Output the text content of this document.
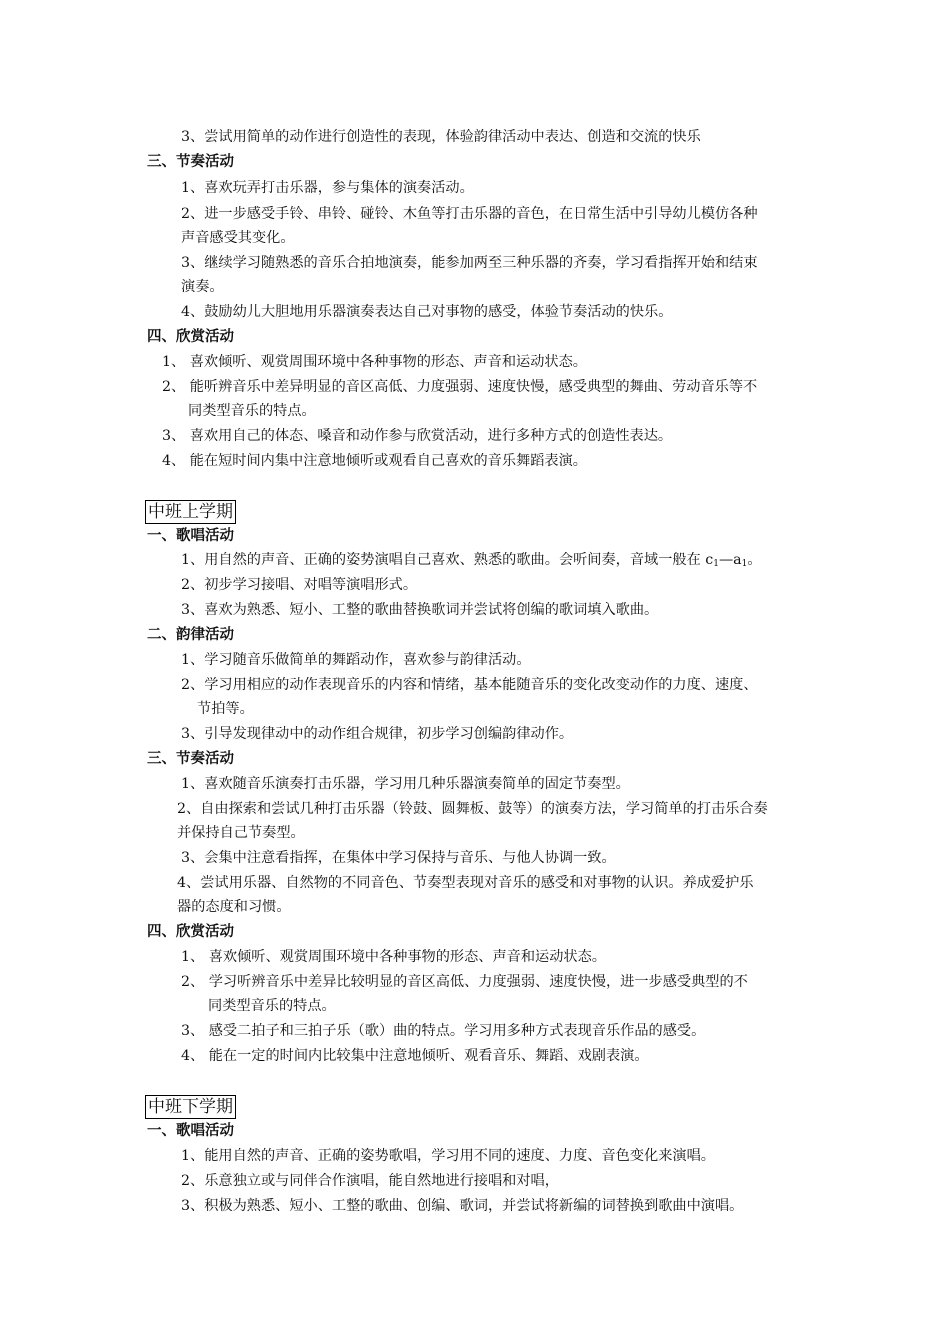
3、尝试用简单的动作进行创造性的表现，体验韵律活动中表达、创造和交流的快乐
三、节奏活动
1、喜欢玩弄打击乐器，参与集体的演奏活动。
2、进一步感受手铃、串铃、碰铃、木鱼等打击乐器的音色，在日常生活中引导幼儿模仿各种
声音感受其变化。
3、继续学习随熟悉的音乐合拍地演奏，能参加两至三种乐器的齐奏，学习看指挥开始和结束
演奏。
4、鼓励幼儿大胆地用乐器演奏表达自己对事物的感受，体验节奏活动的快乐。
四、欣赏活动
1、 喜欢倾听、观赏周围环境中各种事物的形态、声音和运动状态。
2、 能听辨音乐中差异明显的音区高低、力度强弱、速度快慢，感受典型的舞曲、劳动音乐等不
同类型音乐的特点。
3、 喜欢用自己的体态、嗓音和动作参与欣赏活动，进行多种方式的创造性表达。
4、 能在短时间内集中注意地倾听或观看自己喜欢的音乐舞蹈表演。
中班上学期
一、歌唱活动
1、用自然的声音、正确的姿势演唱自己喜欢、熟悉的歌曲。会听间奏，音域一般在 $c_1—a_1$。
2、初步学习接唱、对唱等演唱形式。
3、喜欢为熟悉、短小、工整的歌曲替换歌词并尝试将创编的歌词填入歌曲。
二、韵律活动
1、学习随音乐做简单的舞蹈动作，喜欢参与韵律活动。
2、学习用相应的动作表现音乐的内容和情绪，基本能随音乐的变化改变动作的力度、速度、
节拍等。
3、引导发现律动中的动作组合规律，初步学习创编韵律动作。
三、节奏活动
1、喜欢随音乐演奏打击乐器，学习用几种乐器演奏简单的固定节奏型。
2、自由探索和尝试几种打击乐器（铃鼓、圆舞板、鼓等）的演奏方法，学习简单的打击乐合奏
并保持自己节奏型。
3、会集中注意看指挥，在集体中学习保持与音乐、与他人协调一致。
4、尝试用乐器、自然物的不同音色、节奏型表现对音乐的感受和对事物的认识。养成爱护乐
器的态度和习惯。
四、欣赏活动
1、 喜欢倾听、观赏周围环境中各种事物的形态、声音和运动状态。
2、 学习听辨音乐中差异比较明显的音区高低、力度强弱、速度快慢，进一步感受典型的不
同类型音乐的特点。
3、 感受二拍子和三拍子乐（歌）曲的特点。学习用多种方式表现音乐作品的感受。
4、 能在一定的时间内比较集中注意地倾听、观看音乐、舞蹈、戏剧表演。
中班下学期
一、歌唱活动
1、能用自然的声音、正确的姿势歌唱，学习用不同的速度、力度、音色变化来演唱。
2、乐意独立或与同伴合作演唱，能自然地进行接唱和对唱，
3、积极为熟悉、短小、工整的歌曲、创编、歌词，并尝试将新编的词替换到歌曲中演唱。
